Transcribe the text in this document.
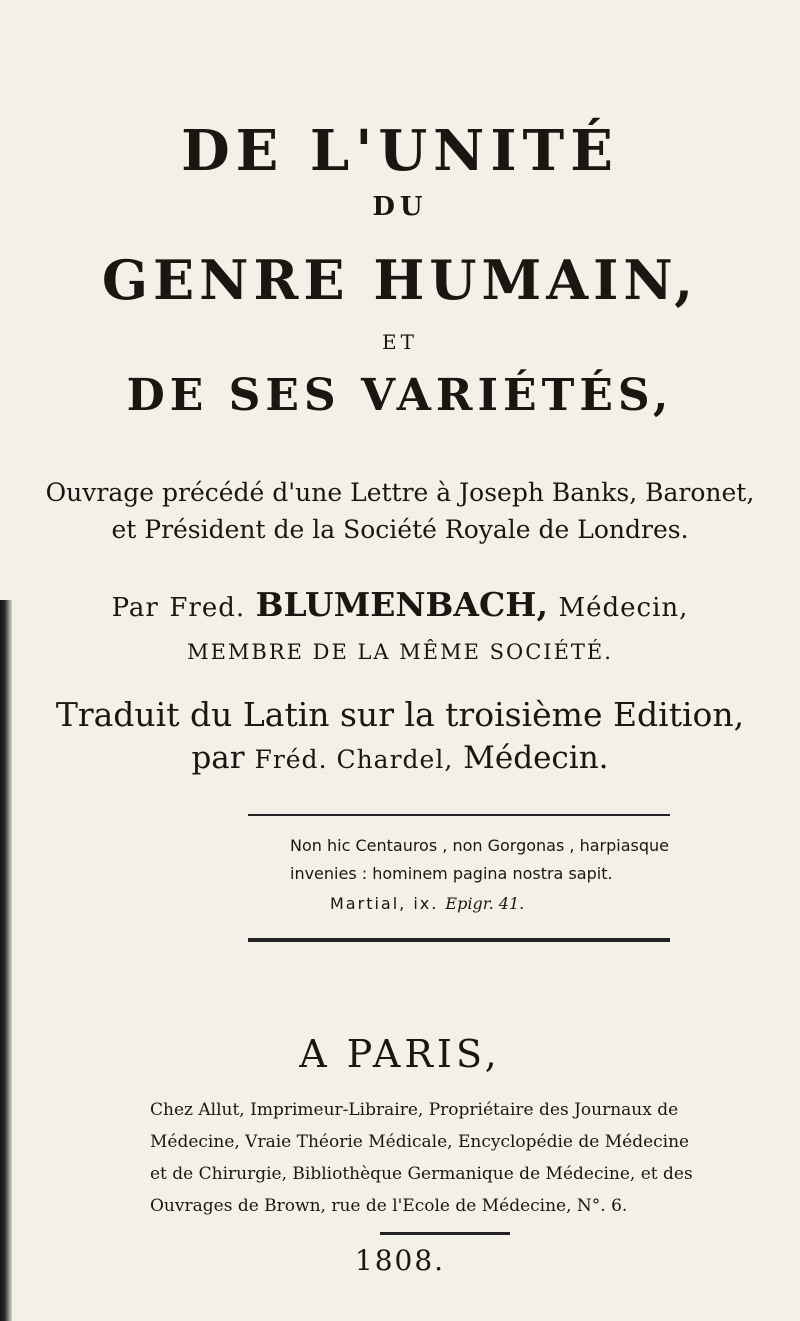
DE L'UNITÉ
DU
GENRE HUMAIN,
ET
DE SES VARIÉTÉS,
Ouvrage précédé d'une Lettre à Joseph Banks, Baronet,
et Président de la Société Royale de Londres.
Par Fred. BLUMENBACH, Médecin,
MEMBRE DE LA MÊME SOCIÉTÉ.
Traduit du Latin sur la troisième Edition,
par Fréd. Chardel, Médecin.
Non hic Centauros , non Gorgonas , harpiasque
invenies : hominem pagina nostra sapit.
Martial, ix. Epigr. 41.
A PARIS,
Chez Allut, Imprimeur-Libraire, Propriétaire des Journaux de
Médecine, Vraie Théorie Médicale, Encyclopédie de Médecine
et de Chirurgie, Bibliothèque Germanique de Médecine, et des
Ouvrages de Brown, rue de l'Ecole de Médecine, N°. 6.
1808.
